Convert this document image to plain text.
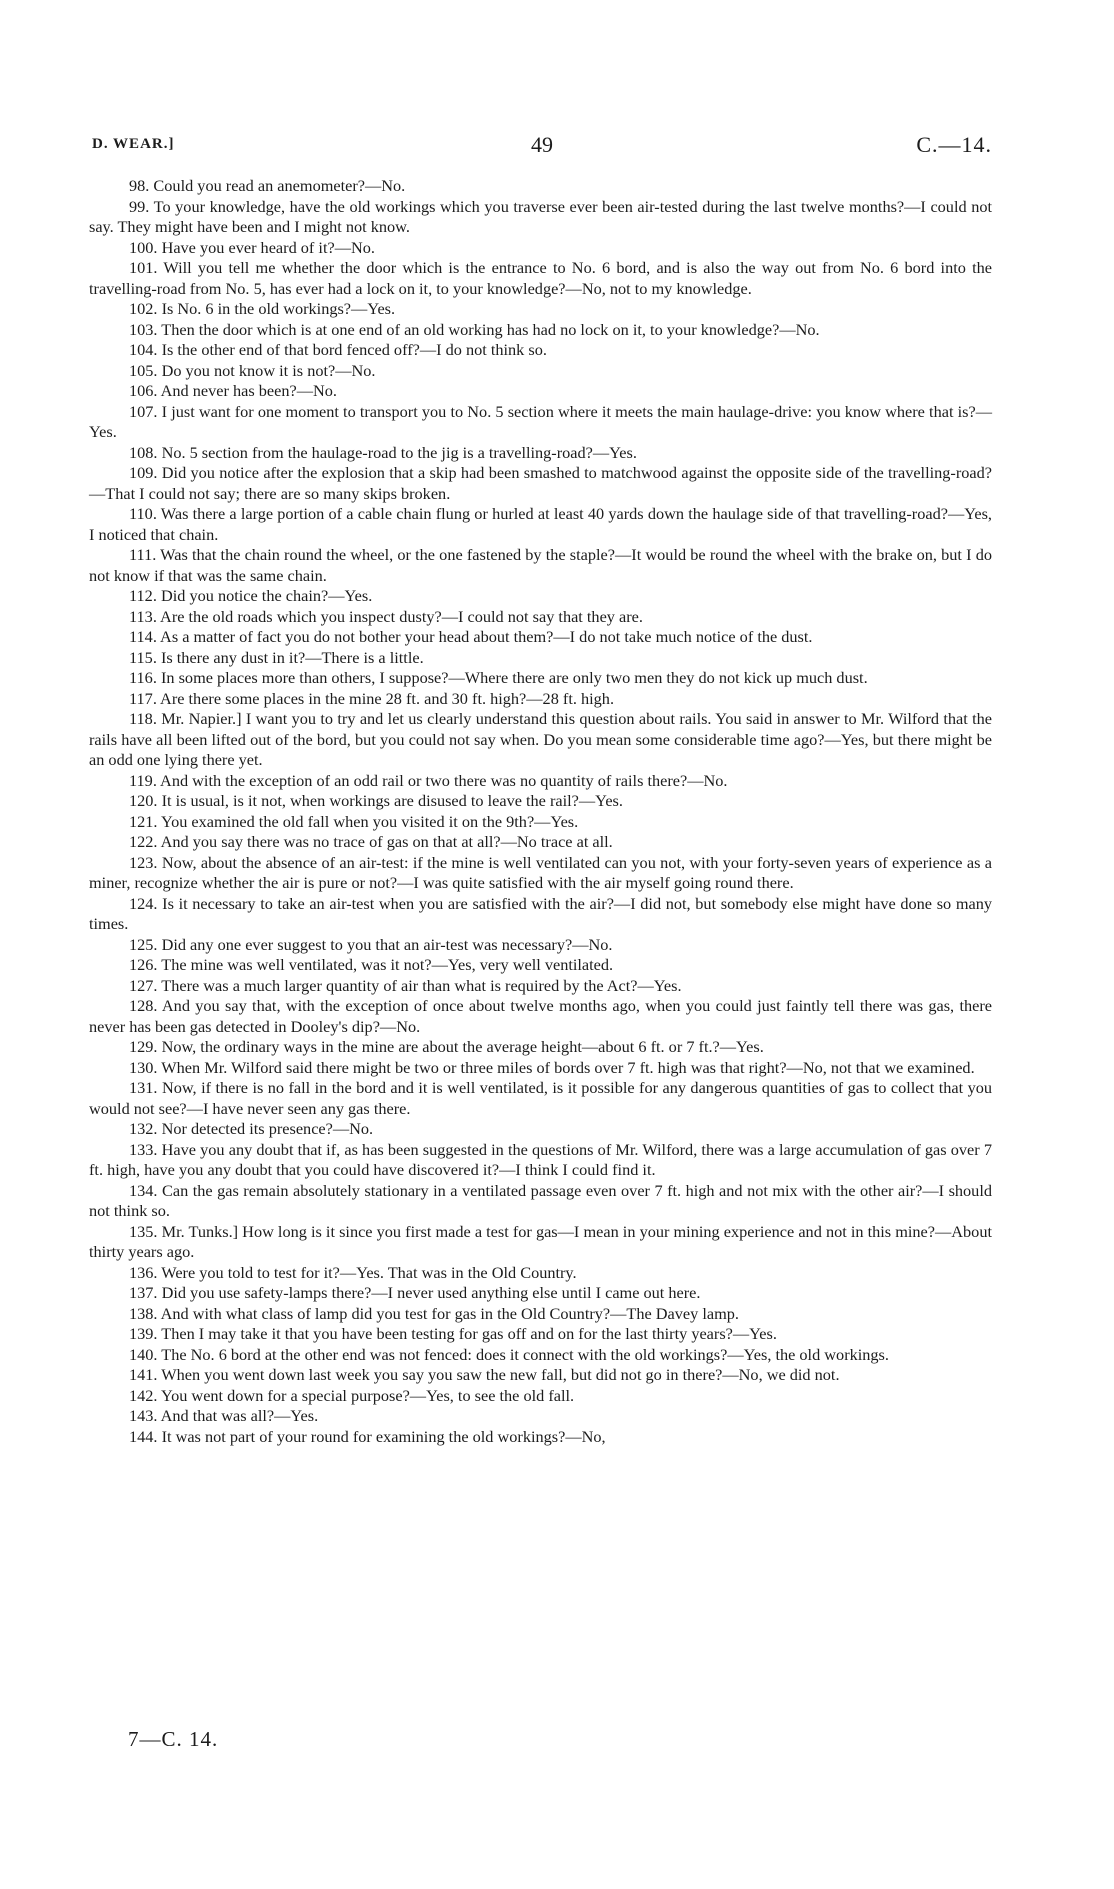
D. WEAR.]	49	C.—14.

98. Could you read an anemometer?—No.

99. To your knowledge, have the old workings which you traverse ever been air-tested during the last twelve months?—I could not say. They might have been and I might not know.

100. Have you ever heard of it?—No.

101. Will you tell me whether the door which is the entrance to No. 6 bord, and is also the way out from No. 6 bord into the travelling-road from No. 5, has ever had a lock on it, to your knowledge?—No, not to my knowledge.

102. Is No. 6 in the old workings?—Yes.

103. Then the door which is at one end of an old working has had no lock on it, to your knowledge?—No.

104. Is the other end of that bord fenced off?—I do not think so.

105. Do you not know it is not?—No.

106. And never has been?—No.

107. I just want for one moment to transport you to No. 5 section where it meets the main haulage-drive: you know where that is?—Yes.

108. No. 5 section from the haulage-road to the jig is a travelling-road?—Yes.

109. Did you notice after the explosion that a skip had been smashed to matchwood against the opposite side of the travelling-road?—That I could not say; there are so many skips broken.

110. Was there a large portion of a cable chain flung or hurled at least 40 yards down the haulage side of that travelling-road?—Yes, I noticed that chain.

111. Was that the chain round the wheel, or the one fastened by the staple?—It would be round the wheel with the brake on, but I do not know if that was the same chain.

112. Did you notice the chain?—Yes.

113. Are the old roads which you inspect dusty?—I could not say that they are.

114. As a matter of fact you do not bother your head about them?—I do not take much notice of the dust.

115. Is there any dust in it?—There is a little.

116. In some places more than others, I suppose?—Where there are only two men they do not kick up much dust.

117. Are there some places in the mine 28 ft. and 30 ft. high?—28 ft. high.

118. Mr. Napier.] I want you to try and let us clearly understand this question about rails. You said in answer to Mr. Wilford that the rails have all been lifted out of the bord, but you could not say when. Do you mean some considerable time ago?—Yes, but there might be an odd one lying there yet.

119. And with the exception of an odd rail or two there was no quantity of rails there?—No.

120. It is usual, is it not, when workings are disused to leave the rail?—Yes.

121. You examined the old fall when you visited it on the 9th?—Yes.

122. And you say there was no trace of gas on that at all?—No trace at all.

123. Now, about the absence of an air-test: if the mine is well ventilated can you not, with your forty-seven years of experience as a miner, recognize whether the air is pure or not?—I was quite satisfied with the air myself going round there.

124. Is it necessary to take an air-test when you are satisfied with the air?—I did not, but somebody else might have done so many times.

125. Did any one ever suggest to you that an air-test was necessary?—No.

126. The mine was well ventilated, was it not?—Yes, very well ventilated.

127. There was a much larger quantity of air than what is required by the Act?—Yes.

128. And you say that, with the exception of once about twelve months ago, when you could just faintly tell there was gas, there never has been gas detected in Dooley's dip?—No.

129. Now, the ordinary ways in the mine are about the average height—about 6 ft. or 7 ft.?—Yes.

130. When Mr. Wilford said there might be two or three miles of bords over 7 ft. high was that right?—No, not that we examined.

131. Now, if there is no fall in the bord and it is well ventilated, is it possible for any dangerous quantities of gas to collect that you would not see?—I have never seen any gas there.

132. Nor detected its presence?—No.

133. Have you any doubt that if, as has been suggested in the questions of Mr. Wilford, there was a large accumulation of gas over 7 ft. high, have you any doubt that you could have discovered it?—I think I could find it.

134. Can the gas remain absolutely stationary in a ventilated passage even over 7 ft. high and not mix with the other air?—I should not think so.

135. Mr. Tunks.] How long is it since you first made a test for gas—I mean in your mining experience and not in this mine?—About thirty years ago.

136. Were you told to test for it?—Yes. That was in the Old Country.

137. Did you use safety-lamps there?—I never used anything else until I came out here.

138. And with what class of lamp did you test for gas in the Old Country?—The Davey lamp.

139. Then I may take it that you have been testing for gas off and on for the last thirty years?—Yes.

140. The No. 6 bord at the other end was not fenced: does it connect with the old workings?—Yes, the old workings.

141. When you went down last week you say you saw the new fall, but did not go in there?—No, we did not.

142. You went down for a special purpose?—Yes, to see the old fall.

143. And that was all?—Yes.

144. It was not part of your round for examining the old workings?—No,

7—C. 14.
